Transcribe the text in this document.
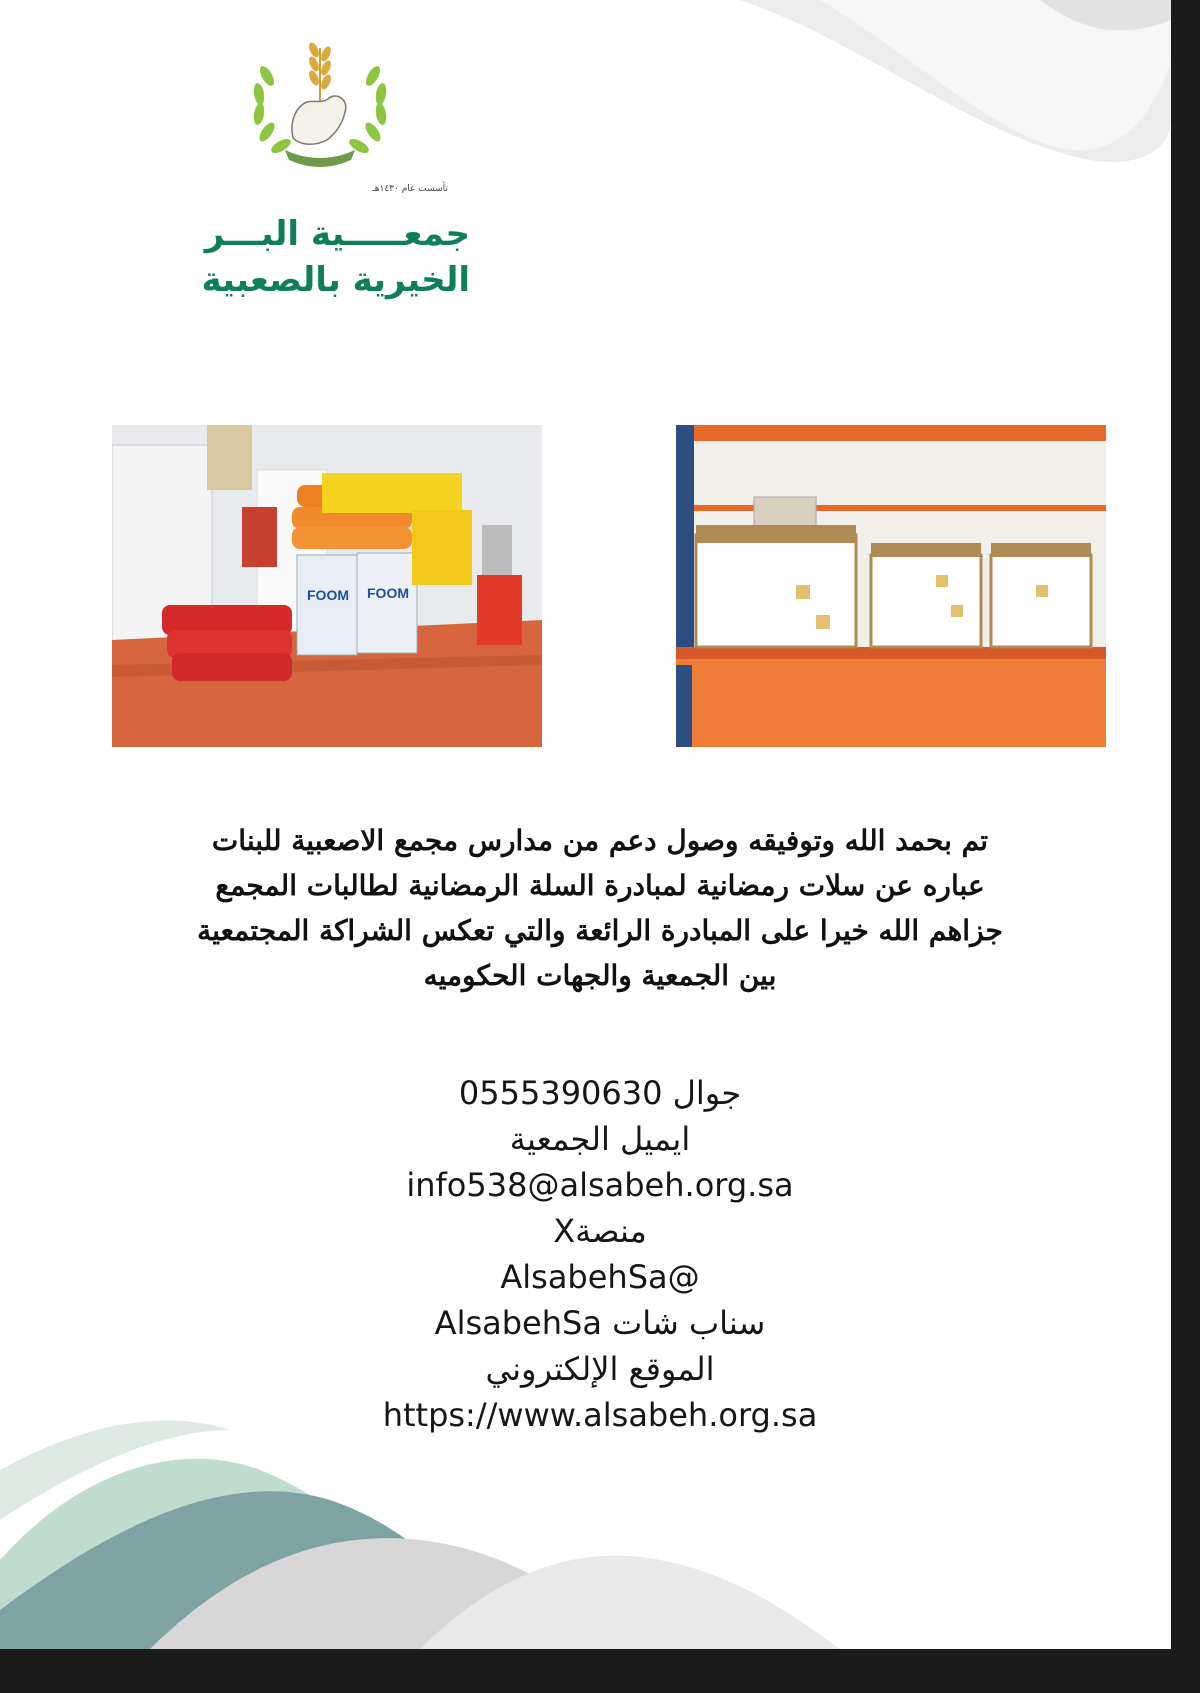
تأسست عام ١٤٣٠هـ
جمعـــــية البـــر
الخيرية بالصعبية
FOOM FOOM
تم بحمد الله وتوفيقه وصول دعم من مدارس مجمع الاصعبية للبنات
عباره عن سلات رمضانية لمبادرة السلة الرمضانية لطالبات المجمع
جزاهم الله خيرا على المبادرة الرائعة والتي تعكس الشراكة المجتمعية
بين الجمعية والجهات الحكوميه
جوال 0555390630
ايميل الجمعية
info538@alsabeh.org.sa
منصةX
AlsabehSa@
سناب شات AlsabehSa
الموقع الإلكتروني
https://www.alsabeh.org.sa
